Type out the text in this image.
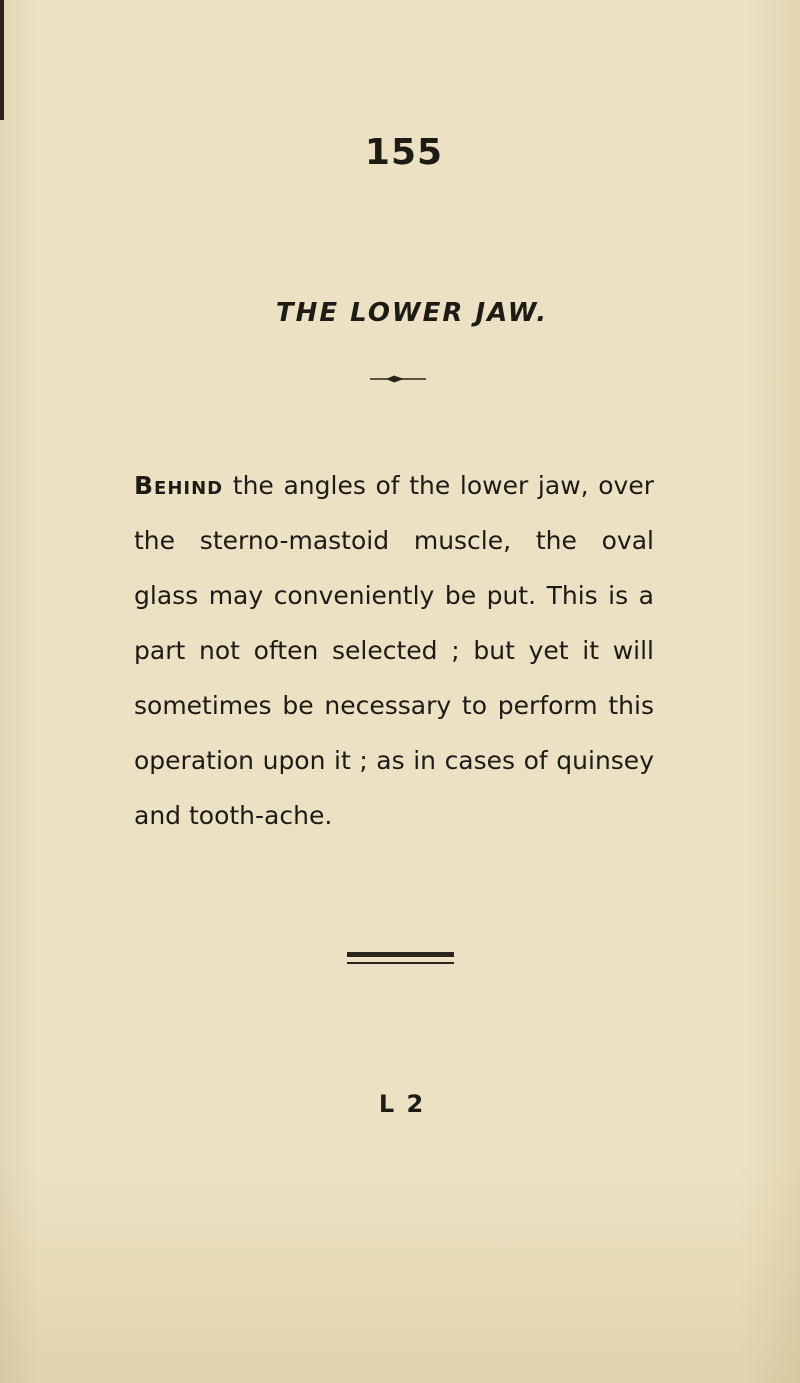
155
THE LOWER JAW.

Behind the angles of the lower jaw, over the sterno-mastoid muscle, the oval glass may conveniently be put. This is a part not often selected ; but yet it will sometimes be necessary to perform this operation upon it ; as in cases of quinsey and tooth-ache.

L 2
